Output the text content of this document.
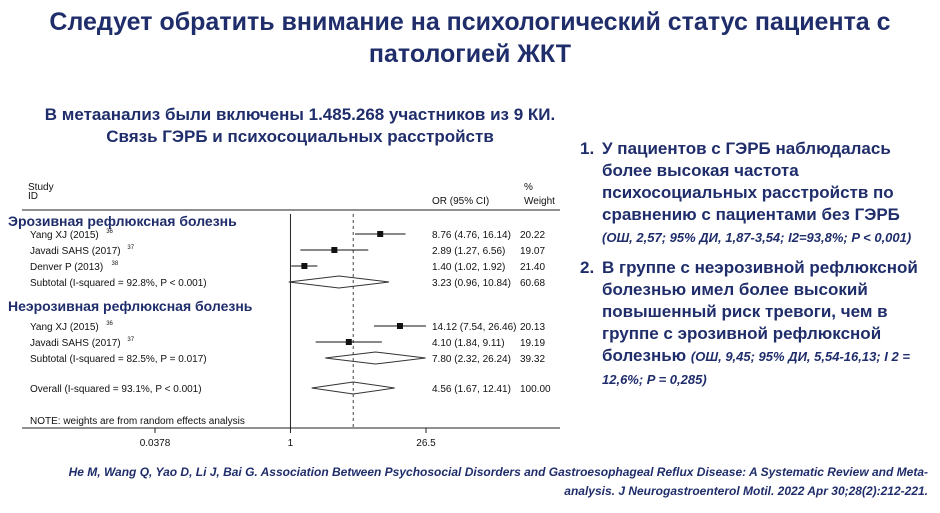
Следует обратить внимание на психологический статус пациента с патологией ЖКТ
В метаанализ были включены 1.485.268 участников из 9 КИ. Связь ГЭРБ и психосоциальных расстройств
Study
ID	OR (95% CI)
%
Weight
Эрозивная рефлюксная болезнь
Yang XJ (2015) 36	8.76 (4.76, 16.14) 20.22
Javadi SAHS (2017) 37	2.89 (1.27, 6.56) 19.07
Denver P (2013) 38	1.40 (1.02, 1.92) 21.40
Subtotal (I-squared = 92.8%, P < 0.001)	3.23 (0.96, 10.84) 60.68
Неэрозивная рефлюксная болезнь
Yang XJ (2015) 36	14.12 (7.54, 26.46) 20.13
Javadi SAHS (2017) 37	4.10 (1.84, 9.11) 19.19
Subtotal (I-squared = 82.5%, P = 0.017)	7.80 (2.32, 26.24) 39.32
Overall (I-squared = 93.1%, P < 0.001)	4.56 (1.67, 12.41) 100.00
NOTE: weights are from random effects analysis
0.0378	1	26.5
1. У пациентов с ГЭРБ наблюдалась более высокая частота психосоциальных расстройств по сравнению с пациентами без ГЭРБ (ОШ, 2,57; 95% ДИ, 1,87-3,54; I2=93,8%; P < 0,001)
2. В группе с неэрозивной рефлюксной болезнью имел более высокий повышенный риск тревоги, чем в группе с эрозивной рефлюксной болезнью (ОШ, 9,45; 95% ДИ, 5,54-16,13; I 2 = 12,6%; P = 0,285)
He M, Wang Q, Yao D, Li J, Bai G. Association Between Psychosocial Disorders and Gastroesophageal Reflux Disease: A Systematic Review and Meta-analysis. J Neurogastroenterol Motil. 2022 Apr 30;28(2):212-221.
